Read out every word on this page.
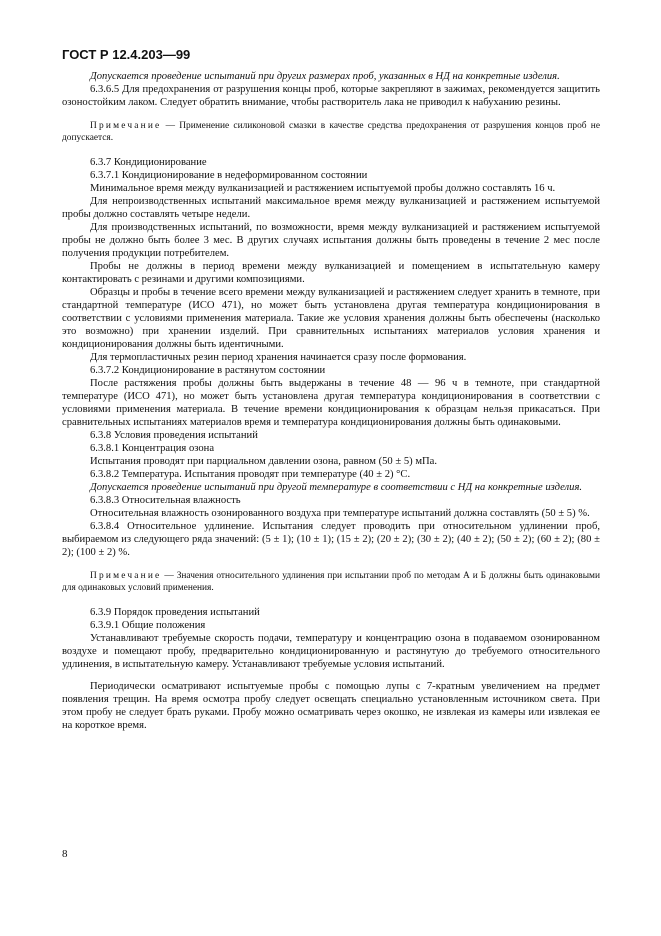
ГОСТ Р 12.4.203—99

Допускается проведение испытаний при других размерах проб, указанных в НД на конкретные изделия.

6.3.6.5 Для предохранения от разрушения концы проб, которые закрепляют в зажимах, рекомендуется защитить озоностойким лаком. Следует обратить внимание, чтобы растворитель лака не приводил к набуханию резины.

Примечание — Применение силиконовой смазки в качестве средства предохранения от разрушения концов проб не допускается.

6.3.7 Кондиционирование

6.3.7.1 Кондиционирование в недеформированном состоянии

Минимальное время между вулканизацией и растяжением испытуемой пробы должно составлять 16 ч.

Для непроизводственных испытаний максимальное время между вулканизацией и растяжением испытуемой пробы должно составлять четыре недели.

Для производственных испытаний, по возможности, время между вулканизацией и растяжением испытуемой пробы не должно быть более 3 мес. В других случаях испытания должны быть проведены в течение 2 мес после получения продукции потребителем.

Пробы не должны в период времени между вулканизацией и помещением в испытательную камеру контактировать с резинами и другими композициями.

Образцы и пробы в течение всего времени между вулканизацией и растяжением следует хранить в темноте, при стандартной температуре (ИСО 471), но может быть установлена другая температура кондиционирования в соответствии с условиями применения материала. Такие же условия хранения должны быть обеспечены (насколько это возможно) при хранении изделий. При сравнительных испытаниях материалов условия хранения и кондиционирования должны быть идентичными.

Для термопластичных резин период хранения начинается сразу после формования.

6.3.7.2 Кондиционирование в растянутом состоянии

После растяжения пробы должны быть выдержаны в течение 48 — 96 ч в темноте, при стандартной температуре (ИСО 471), но может быть установлена другая температура кондиционирования в соответствии с условиями применения материала. В течение времени кондиционирования к образцам нельзя прикасаться. При сравнительных испытаниях материалов время и температура кондиционирования должны быть одинаковыми.

6.3.8 Условия проведения испытаний

6.3.8.1 Концентрация озона

Испытания проводят при парциальном давлении озона, равном (50 ± 5) мПа.

6.3.8.2 Температура. Испытания проводят при температуре (40 ± 2) °С.

Допускается проведение испытаний при другой температуре в соответствии с НД на конкретные изделия.

6.3.8.3 Относительная влажность

Относительная влажность озонированного воздуха при температуре испытаний должна составлять (50 ± 5) %.

6.3.8.4 Относительное удлинение. Испытания следует проводить при относительном удлинении проб, выбираемом из следующего ряда значений: (5 ± 1); (10 ± 1); (15 ± 2); (20 ± 2); (30 ± 2); (40 ± 2); (50 ± 2); (60 ± 2); (80 ± 2); (100 ± 2) %.

Примечание — Значения относительного удлинения при испытании проб по методам А и Б должны быть одинаковыми для одинаковых условий применения.

6.3.9 Порядок проведения испытаний

6.3.9.1 Общие положения

Устанавливают требуемые скорость подачи, температуру и концентрацию озона в подаваемом озонированном воздухе и помещают пробу, предварительно кондиционированную и растянутую до требуемого относительного удлинения, в испытательную камеру. Устанавливают требуемые условия испытаний.

Периодически осматривают испытуемые пробы с помощью лупы с 7-кратным увеличением на предмет появления трещин. На время осмотра пробу следует освещать специально установленным источником света. При этом пробу не следует брать руками. Пробу можно осматривать через окошко, не извлекая из камеры или извлекая ее на короткое время.

8
